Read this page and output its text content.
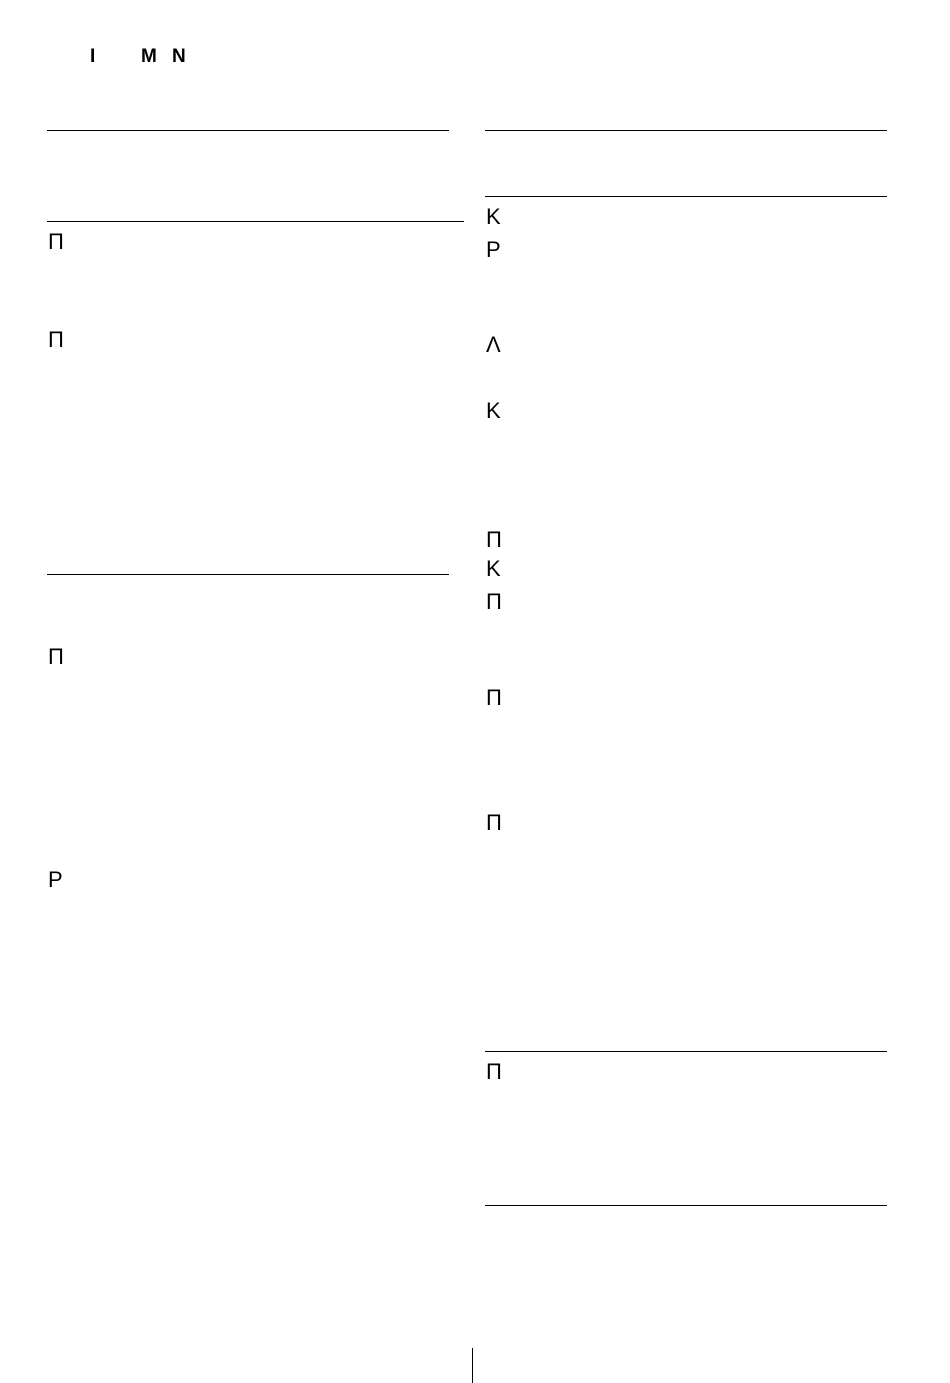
I M N
Π
Π
Π
P
K
P
Λ
K
Π
K
Π
Π
Π
Π
